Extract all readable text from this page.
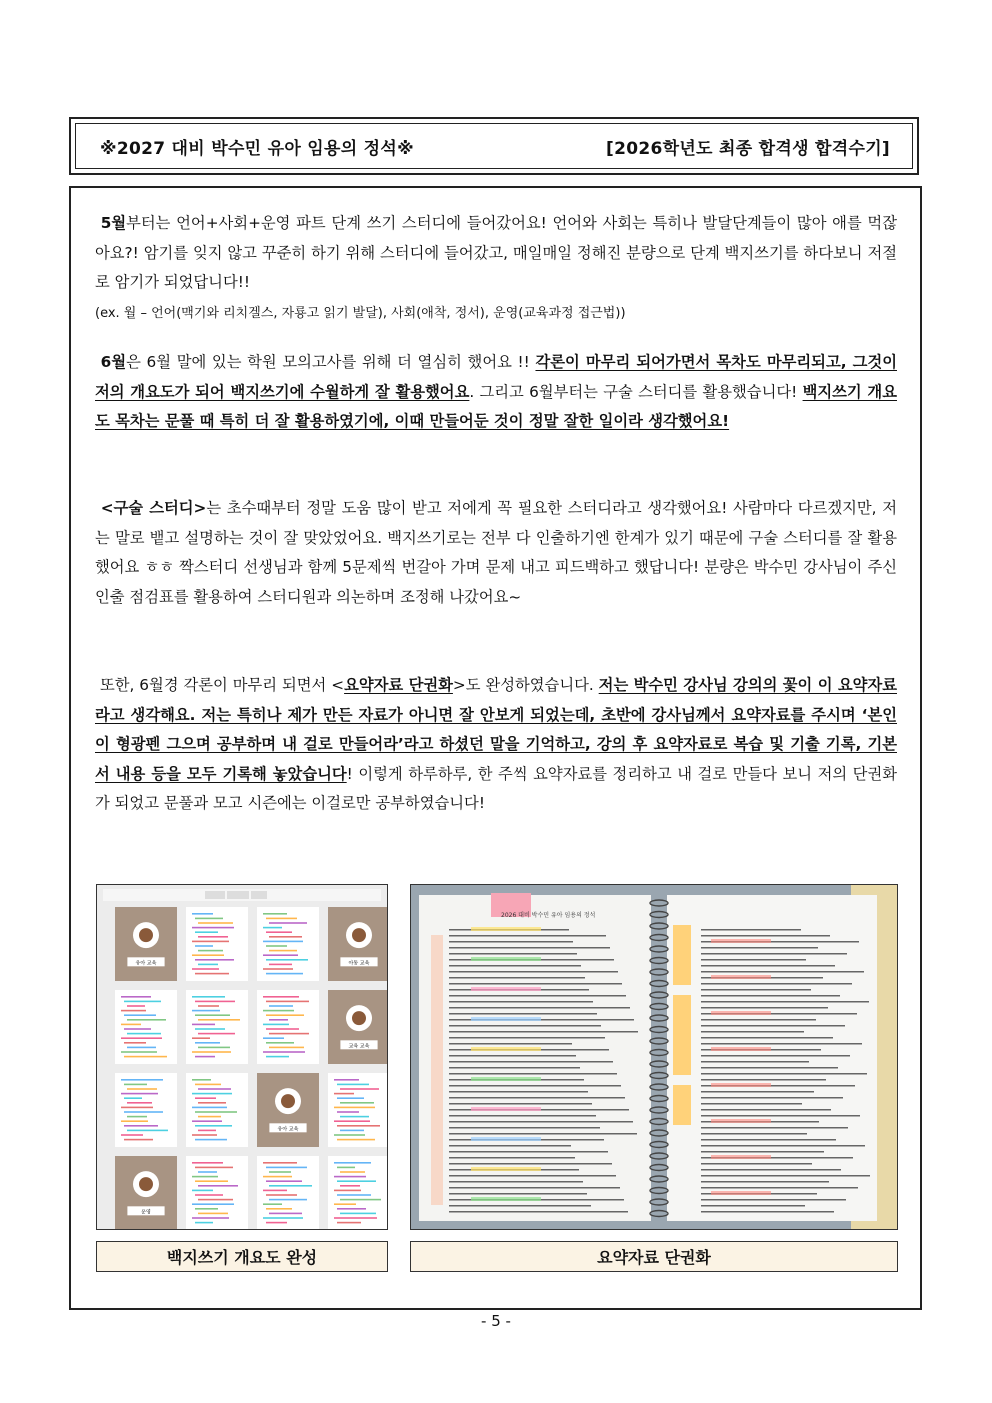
※2027 대비 박수민 유아 임용의 정석※	[2026학년도 최종 합격생 합격수기]
5월부터는 언어+사회+운영 파트 단계 쓰기 스터디에 들어갔어요! 언어와 사회는 특히나 발달단계들이 많아 애를 먹잖아요?! 암기를 잊지 않고 꾸준히 하기 위해 스터디에 들어갔고, 매일매일 정해진 분량으로 단계 백지쓰기를 하다보니 저절로 암기가 되었답니다!!
(ex. 월 – 언어(맥기와 리치겔스, 자룡고 읽기 발달), 사회(애착, 정서), 운영(교육과정 접근법))
6월은 6월 말에 있는 학원 모의고사를 위해 더 열심히 했어요 !! 각론이 마무리 되어가면서 목차도 마무리되고, 그것이 저의 개요도가 되어 백지쓰기에 수월하게 잘 활용했어요. 그리고 6월부터는 구술 스터디를 활용했습니다! 백지쓰기 개요도 목차는 문풀 때 특히 더 잘 활용하였기에, 이때 만들어둔 것이 정말 잘한 일이라 생각했어요!
<구술 스터디>는 초수때부터 정말 도움 많이 받고 저에게 꼭 필요한 스터디라고 생각했어요! 사람마다 다르겠지만, 저는 말로 뱉고 설명하는 것이 잘 맞았었어요. 백지쓰기로는 전부 다 인출하기엔 한계가 있기 때문에 구술 스터디를 잘 활용했어요 ㅎㅎ 짝스터디 선생님과 함께 5문제씩 번갈아 가며 문제 내고 피드백하고 했답니다! 분량은 박수민 강사님이 주신 인출 점검표를 활용하여 스터디원과 의논하며 조정해 나갔어요~
또한, 6월경 각론이 마무리 되면서 <요약자료 단권화>도 완성하였습니다. 저는 박수민 강사님 강의의 꽃이 이 요약자료라고 생각해요. 저는 특히나 제가 만든 자료가 아니면 잘 안보게 되었는데, 초반에 강사님께서 요약자료를 주시며 ‘본인이 형광펜 그으며 공부하며 내 걸로 만들어라’라고 하셨던 말을 기억하고, 강의 후 요약자료로 복습 및 기출 기록, 기본서 내용 등을 모두 기록해 놓았습니다! 이렇게 하루하루, 한 주씩 요약자료를 정리하고 내 걸로 만들다 보니 저의 단권화가 되었고 문풀과 모고 시즌에는 이걸로만 공부하였습니다!
유아 교육	아동 교육
교육 교육
유아 교육
운영
백지쓰기 개요도 완성
2026 대비 박수민 유아 임용의 정석
요약자료 단권화
- 5 -
